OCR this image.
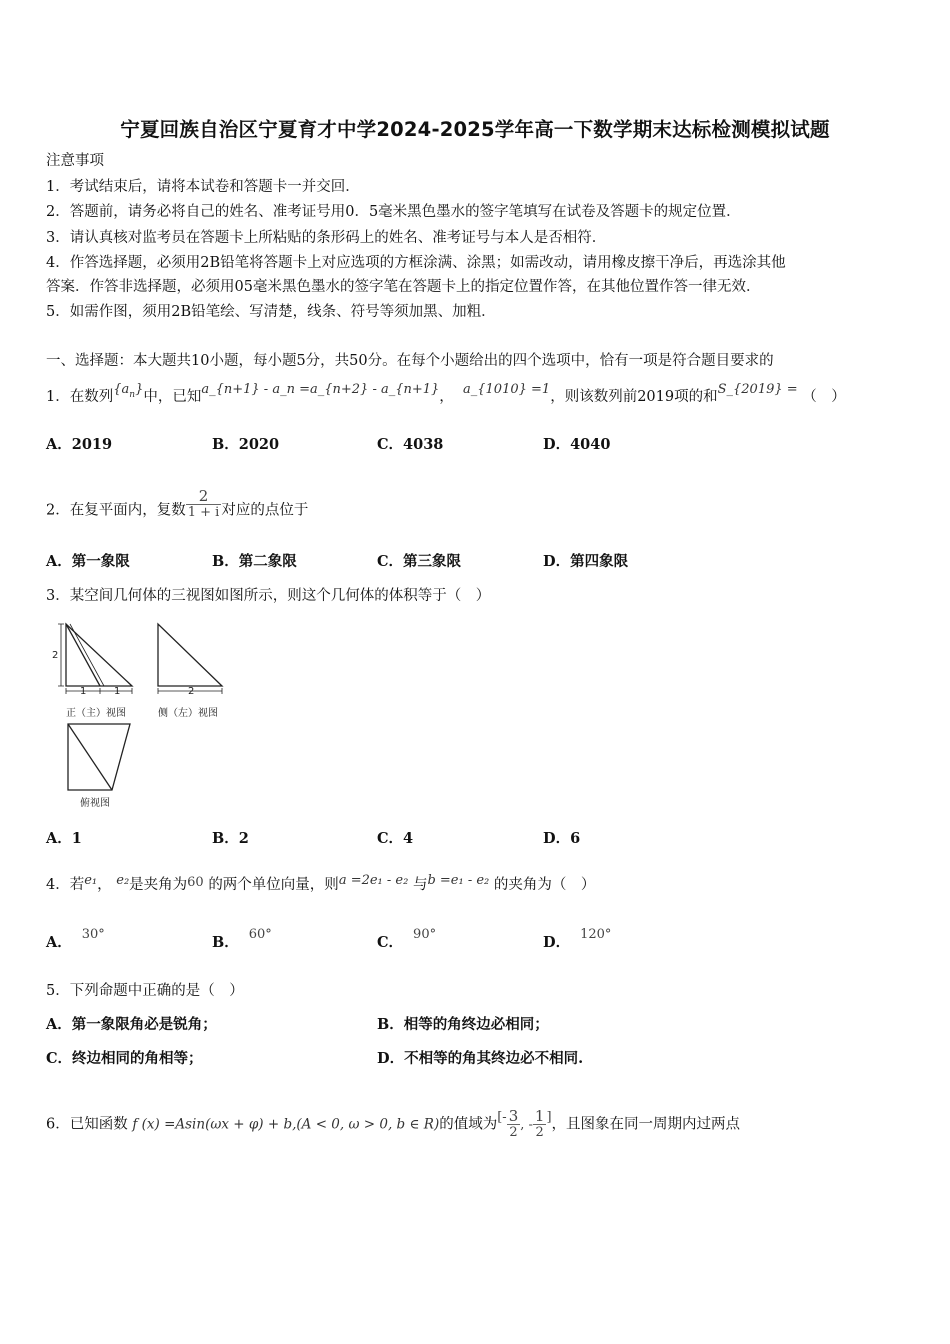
宁夏回族自治区宁夏育才中学2024-2025学年高一下数学期末达标检测模拟试题
注意事项
1．考试结束后，请将本试卷和答题卡一并交回．
2．答题前，请务必将自己的姓名、准考证号用0．5毫米黑色墨水的签字笔填写在试卷及答题卡的规定位置．
3．请认真核对监考员在答题卡上所粘贴的条形码上的姓名、准考证号与本人是否相符．
4．作答选择题，必须用2B铅笔将答题卡上对应选项的方框涂满、涂黑；如需改动，请用橡皮擦干净后，再选涂其他
答案．作答非选择题，必须用05毫米黑色墨水的签字笔在答题卡上的指定位置作答，在其他位置作答一律无效．
5．如需作图，须用2B铅笔绘、写清楚，线条、符号等须加黑、加粗．
一、选择题：本大题共10小题，每小题5分，共50分。在每个小题给出的四个选项中，恰有一项是符合题目要求的
1．在数列$\{a_n\}$中，已知a_{n+1} - a_n =a_{n+2} - a_{n+1}， a_{1010} =1，则该数列前2019项的和S_{2019} = （　）
A．2019	B．2020	C．4038	D．4040
2．在复平面内，复数 $\frac{2}{1 + i}$ 对应的点位于
A．第一象限	B．第二象限	C．第三象限	D．第四象限
3．某空间几何体的三视图如图所示，则这个几何体的体积等于（　）
2
1	1	2
正（主）视图	侧（左）视图
俯视图
A．1	B．2	C．4	D．6
4．若e₁， e₂是夹角为60 的两个单位向量，则a =2e₁ - e₂ 与b =e₁ - e₂ 的夹角为（　）
A． 30°	B． 60°	C． 90°	D． 120°
5．下列命题中正确的是（　）
A．第一象限角必是锐角；	B．相等的角终边必相同；
C．终边相同的角相等；	D．不相等的角其终边必不相同.
6．已知函数 f (x) =Asin(ωx + φ) + b,(A < 0, ω > 0, b ∈ R)的值域为[- $\frac{3}{2}$ , - $\frac{1}{2}$ ]，且图象在同一周期内过两点
